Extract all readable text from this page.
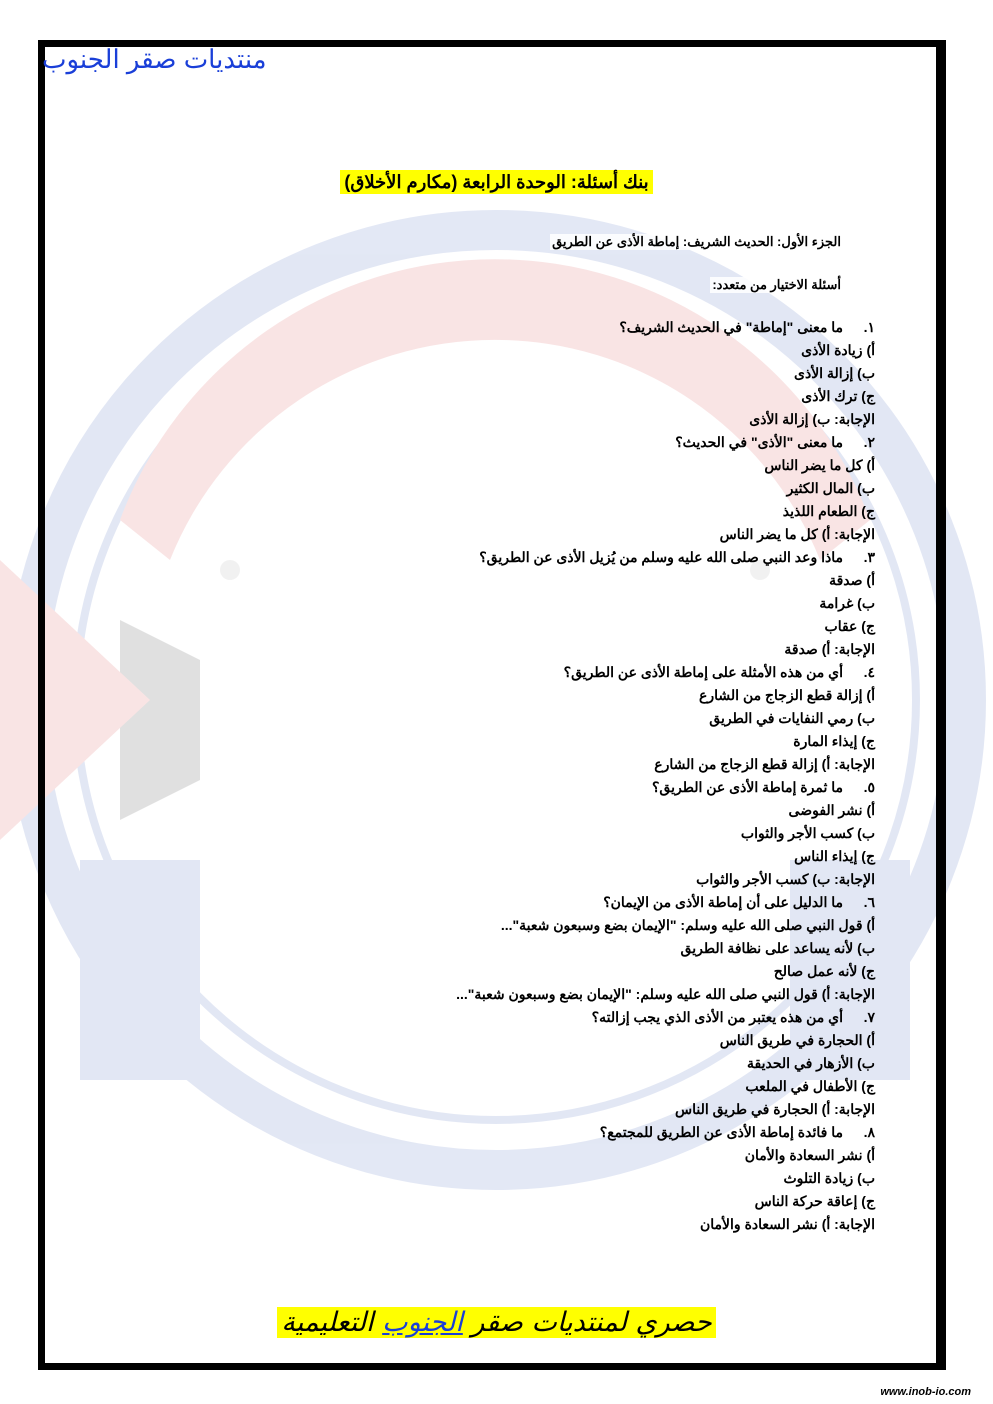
منتديات صقر الجنوب
بنك أسئلة: الوحدة الرابعة (مكارم الأخلاق)
الجزء الأول: الحديث الشريف: إماطة الأذى عن الطريق
أسئلة الاختيار من متعدد:
١.
ما معنى "إماطة" في الحديث الشريف؟
أ) زيادة الأذى
ب) إزالة الأذى
ج) ترك الأذى
الإجابة: ب) إزالة الأذى
٢.
ما معنى "الأذى" في الحديث؟
أ) كل ما يضر الناس
ب) المال الكثير
ج) الطعام اللذيذ
الإجابة: أ) كل ما يضر الناس
٣.
ماذا وعد النبي صلى الله عليه وسلم من يُزيل الأذى عن الطريق؟
أ) صدقة
ب) غرامة
ج) عقاب
الإجابة: أ) صدقة
٤.
أي من هذه الأمثلة على إماطة الأذى عن الطريق؟
أ) إزالة قطع الزجاج من الشارع
ب) رمي النفايات في الطريق
ج) إيذاء المارة
الإجابة: أ) إزالة قطع الزجاج من الشارع
٥.
ما ثمرة إماطة الأذى عن الطريق؟
أ) نشر الفوضى
ب) كسب الأجر والثواب
ج) إيذاء الناس
الإجابة: ب) كسب الأجر والثواب
٦.
ما الدليل على أن إماطة الأذى من الإيمان؟
أ) قول النبي صلى الله عليه وسلم: "الإيمان بضع وسبعون شعبة"...
ب) لأنه يساعد على نظافة الطريق
ج) لأنه عمل صالح
الإجابة: أ) قول النبي صلى الله عليه وسلم: "الإيمان بضع وسبعون شعبة"...
٧.
أي من هذه يعتبر من الأذى الذي يجب إزالته؟
أ) الحجارة في طريق الناس
ب) الأزهار في الحديقة
ج) الأطفال في الملعب
الإجابة: أ) الحجارة في طريق الناس
٨.
ما فائدة إماطة الأذى عن الطريق للمجتمع؟
أ) نشر السعادة والأمان
ب) زيادة التلوث
ج) إعاقة حركة الناس
الإجابة: أ) نشر السعادة والأمان
حصري لمنتديات صقر الجنوب التعليمية
www.inob-io.com
